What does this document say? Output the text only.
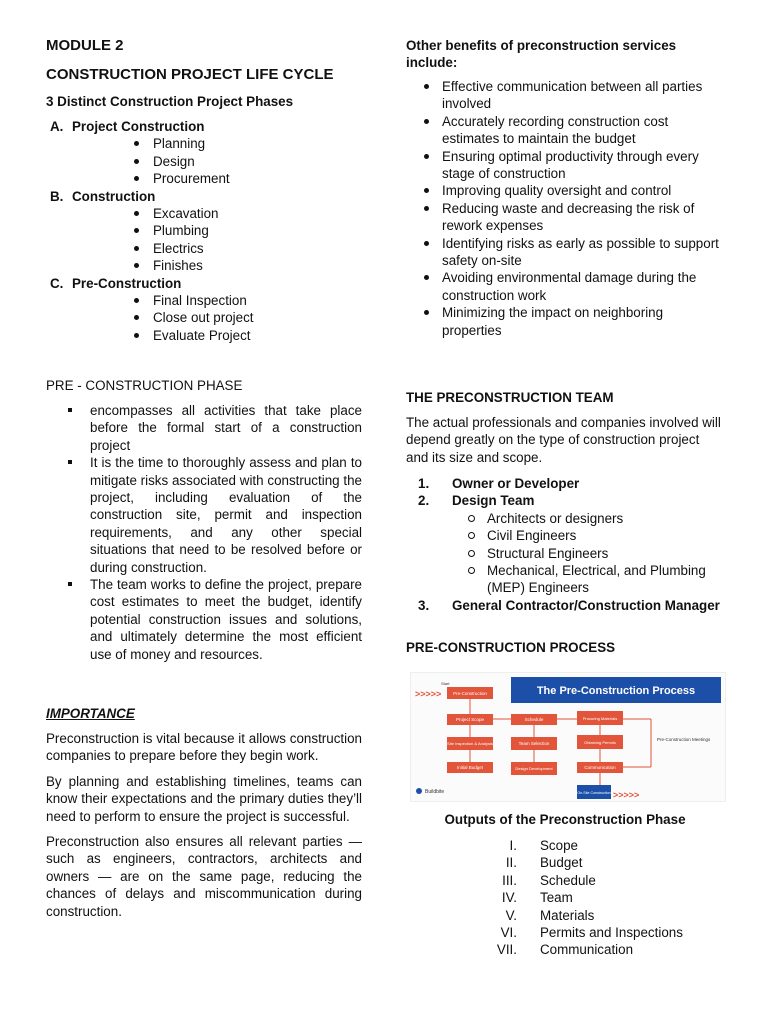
MODULE 2
CONSTRUCTION PROJECT LIFE CYCLE
3 Distinct Construction Project Phases
A. Project Construction
Planning
Design
Procurement
B. Construction
Excavation
Plumbing
Electrics
Finishes
C. Pre-Construction
Final Inspection
Close out project
Evaluate Project
PRE - CONSTRUCTION PHASE
encompasses all activities that take place before the formal start of a construction project
It is the time to thoroughly assess and plan to mitigate risks associated with constructing the project, including evaluation of the construction site, permit and inspection requirements, and any other special situations that need to be resolved before or during construction.
The team works to define the project, prepare cost estimates to meet the budget, identify potential construction issues and solutions, and ultimately determine the most efficient use of money and resources.
IMPORTANCE

Preconstruction is vital because it allows construction companies to prepare before they begin work.

By planning and establishing timelines, teams can know their expectations and the primary duties they’ll need to perform to ensure the project is successful.

Preconstruction also ensures all relevant parties — such as engineers, contractors, architects and owners — are on the same page, reducing the chances of delays and miscommunication during construction.

Other benefits of preconstruction services include:
Effective communication between all parties involved
Accurately recording construction cost estimates to maintain the budget
Ensuring optimal productivity through every stage of construction
Improving quality oversight and control
Reducing waste and decreasing the risk of rework expenses
Identifying risks as early as possible to support safety on-site
Avoiding environmental damage during the construction work
Minimizing the impact on neighboring properties
THE PRECONSTRUCTION TEAM
The actual professionals and companies involved will depend greatly on the type of construction project and its size and scope.
1. Owner or Developer
2. Design Team
Architects or designers
Civil Engineers
Structural Engineers
Mechanical, Electrical, and Plumbing (MEP) Engineers
3. General Contractor/Construction Manager
PRE-CONSTRUCTION PROCESS
>>>>>
>>>>>
The Pre-Construction Process
Start
Pre-Construction
Project Scope
Site Inspection & Analysis
Initial Budget
Schedule
Team Selection
Design Development
Procuring Materials
Obtaining Permits
Communication
On-Site Construction
Pre-Construction Meetings
Buildbite
Outputs of the Preconstruction Phase
I. Scope
II. Budget
III. Schedule
IV. Team
V. Materials
VI. Permits and Inspections
VII. Communication
